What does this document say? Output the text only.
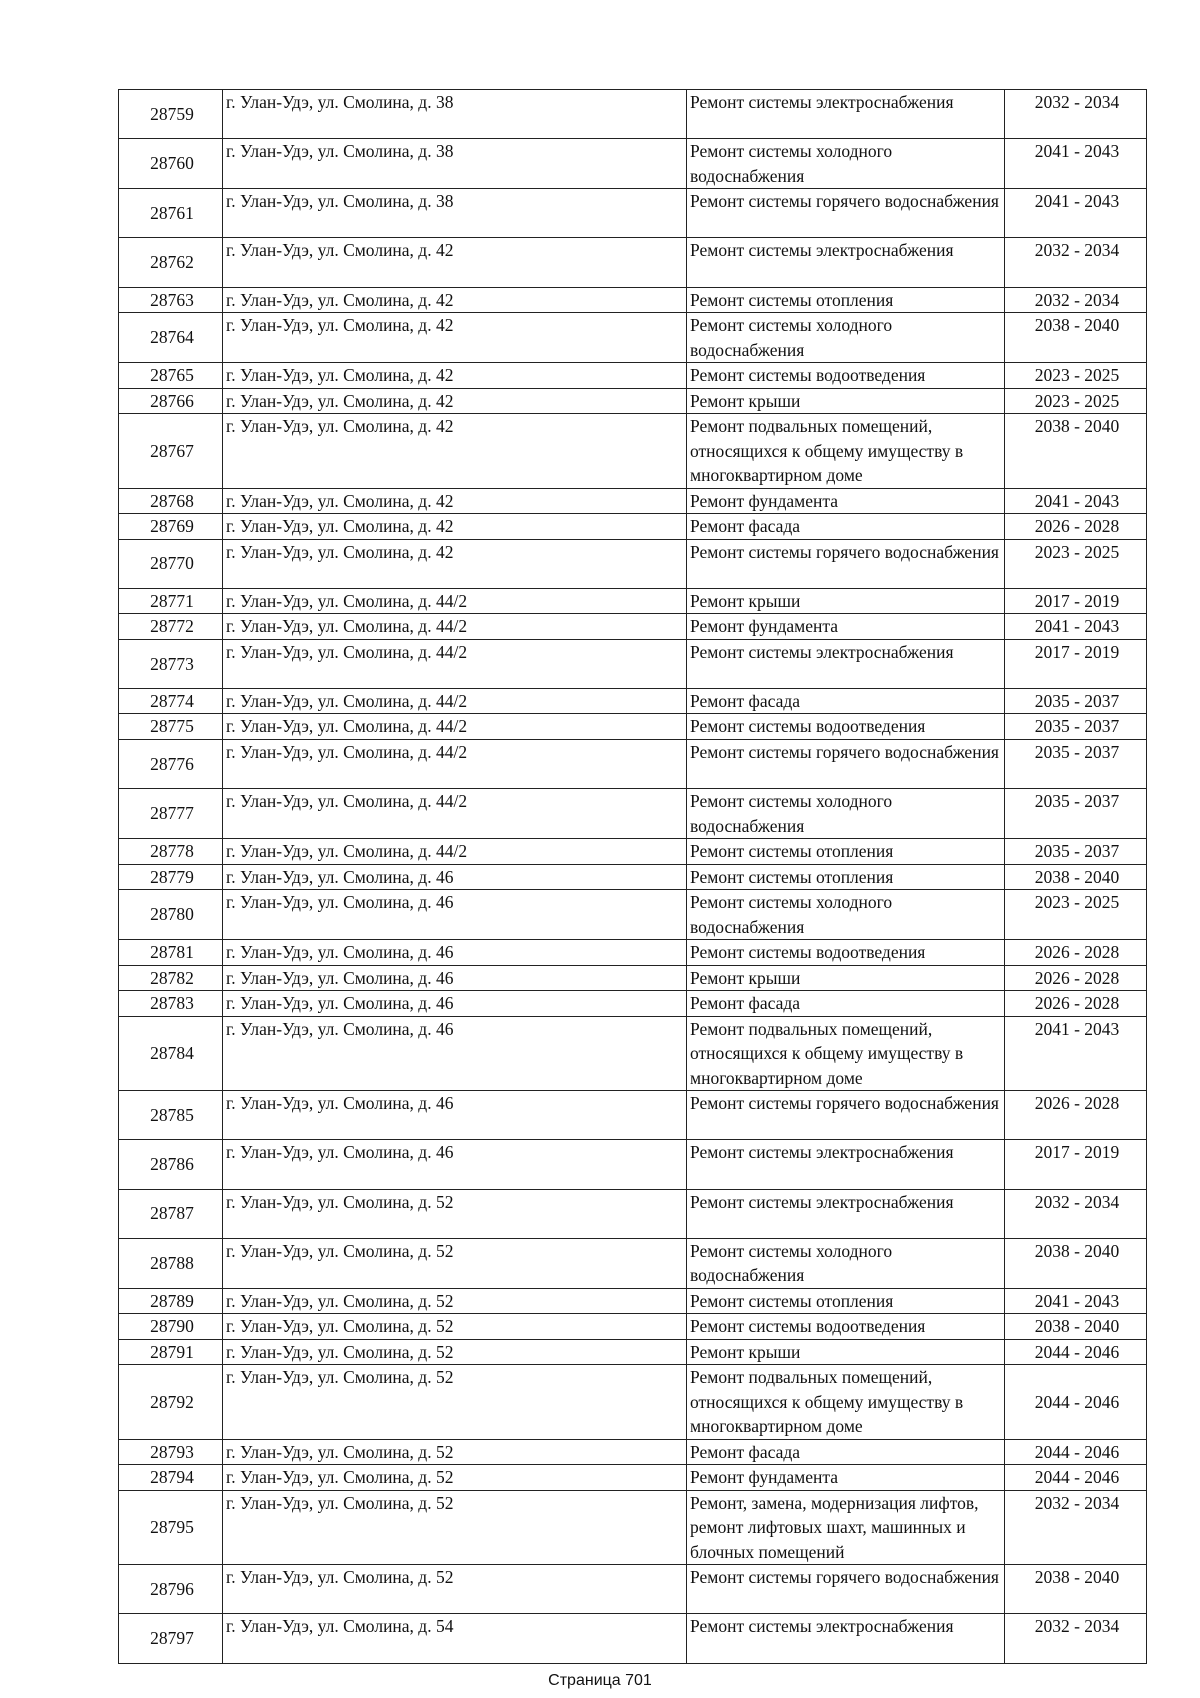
28759	г. Улан-Удэ, ул. Смолина, д. 38	Ремонт системы электроснабжения	2032 - 2034
28760	г. Улан-Удэ, ул. Смолина, д. 38	Ремонт системы холодного водоснабжения	2041 - 2043
28761	г. Улан-Удэ, ул. Смолина, д. 38	Ремонт системы горячего водоснабжения	2041 - 2043
28762	г. Улан-Удэ, ул. Смолина, д. 42	Ремонт системы электроснабжения	2032 - 2034
28763	г. Улан-Удэ, ул. Смолина, д. 42	Ремонт системы отопления	2032 - 2034
28764	г. Улан-Удэ, ул. Смолина, д. 42	Ремонт системы холодного водоснабжения	2038 - 2040
28765	г. Улан-Удэ, ул. Смолина, д. 42	Ремонт системы водоотведения	2023 - 2025
28766	г. Улан-Удэ, ул. Смолина, д. 42	Ремонт крыши	2023 - 2025
28767	г. Улан-Удэ, ул. Смолина, д. 42	Ремонт подвальных помещений, относящихся к общему имуществу в многоквартирном доме	2038 - 2040
28768	г. Улан-Удэ, ул. Смолина, д. 42	Ремонт фундамента	2041 - 2043
28769	г. Улан-Удэ, ул. Смолина, д. 42	Ремонт фасада	2026 - 2028
28770	г. Улан-Удэ, ул. Смолина, д. 42	Ремонт системы горячего водоснабжения	2023 - 2025
28771	г. Улан-Удэ, ул. Смолина, д. 44/2	Ремонт крыши	2017 - 2019
28772	г. Улан-Удэ, ул. Смолина, д. 44/2	Ремонт фундамента	2041 - 2043
28773	г. Улан-Удэ, ул. Смолина, д. 44/2	Ремонт системы электроснабжения	2017 - 2019
28774	г. Улан-Удэ, ул. Смолина, д. 44/2	Ремонт фасада	2035 - 2037
28775	г. Улан-Удэ, ул. Смолина, д. 44/2	Ремонт системы водоотведения	2035 - 2037
28776	г. Улан-Удэ, ул. Смолина, д. 44/2	Ремонт системы горячего водоснабжения	2035 - 2037
28777	г. Улан-Удэ, ул. Смолина, д. 44/2	Ремонт системы холодного водоснабжения	2035 - 2037
28778	г. Улан-Удэ, ул. Смолина, д. 44/2	Ремонт системы отопления	2035 - 2037
28779	г. Улан-Удэ, ул. Смолина, д. 46	Ремонт системы отопления	2038 - 2040
28780	г. Улан-Удэ, ул. Смолина, д. 46	Ремонт системы холодного водоснабжения	2023 - 2025
28781	г. Улан-Удэ, ул. Смолина, д. 46	Ремонт системы водоотведения	2026 - 2028
28782	г. Улан-Удэ, ул. Смолина, д. 46	Ремонт крыши	2026 - 2028
28783	г. Улан-Удэ, ул. Смолина, д. 46	Ремонт фасада	2026 - 2028
28784	г. Улан-Удэ, ул. Смолина, д. 46	Ремонт подвальных помещений, относящихся к общему имуществу в многоквартирном доме	2041 - 2043
28785	г. Улан-Удэ, ул. Смолина, д. 46	Ремонт системы горячего водоснабжения	2026 - 2028
28786	г. Улан-Удэ, ул. Смолина, д. 46	Ремонт системы электроснабжения	2017 - 2019
28787	г. Улан-Удэ, ул. Смолина, д. 52	Ремонт системы электроснабжения	2032 - 2034
28788	г. Улан-Удэ, ул. Смолина, д. 52	Ремонт системы холодного водоснабжения	2038 - 2040
28789	г. Улан-Удэ, ул. Смолина, д. 52	Ремонт системы отопления	2041 - 2043
28790	г. Улан-Удэ, ул. Смолина, д. 52	Ремонт системы водоотведения	2038 - 2040
28791	г. Улан-Удэ, ул. Смолина, д. 52	Ремонт крыши	2044 - 2046
28792	г. Улан-Удэ, ул. Смолина, д. 52	Ремонт подвальных помещений, относящихся к общему имуществу в многоквартирном доме	2044 - 2046
28793	г. Улан-Удэ, ул. Смолина, д. 52	Ремонт фасада	2044 - 2046
28794	г. Улан-Удэ, ул. Смолина, д. 52	Ремонт фундамента	2044 - 2046
28795	г. Улан-Удэ, ул. Смолина, д. 52	Ремонт, замена, модернизация лифтов, ремонт лифтовых шахт, машинных и блочных помещений	2032 - 2034
28796	г. Улан-Удэ, ул. Смолина, д. 52	Ремонт системы горячего водоснабжения	2038 - 2040
28797	г. Улан-Удэ, ул. Смолина, д. 54	Ремонт системы электроснабжения	2032 - 2034
Страница 701
